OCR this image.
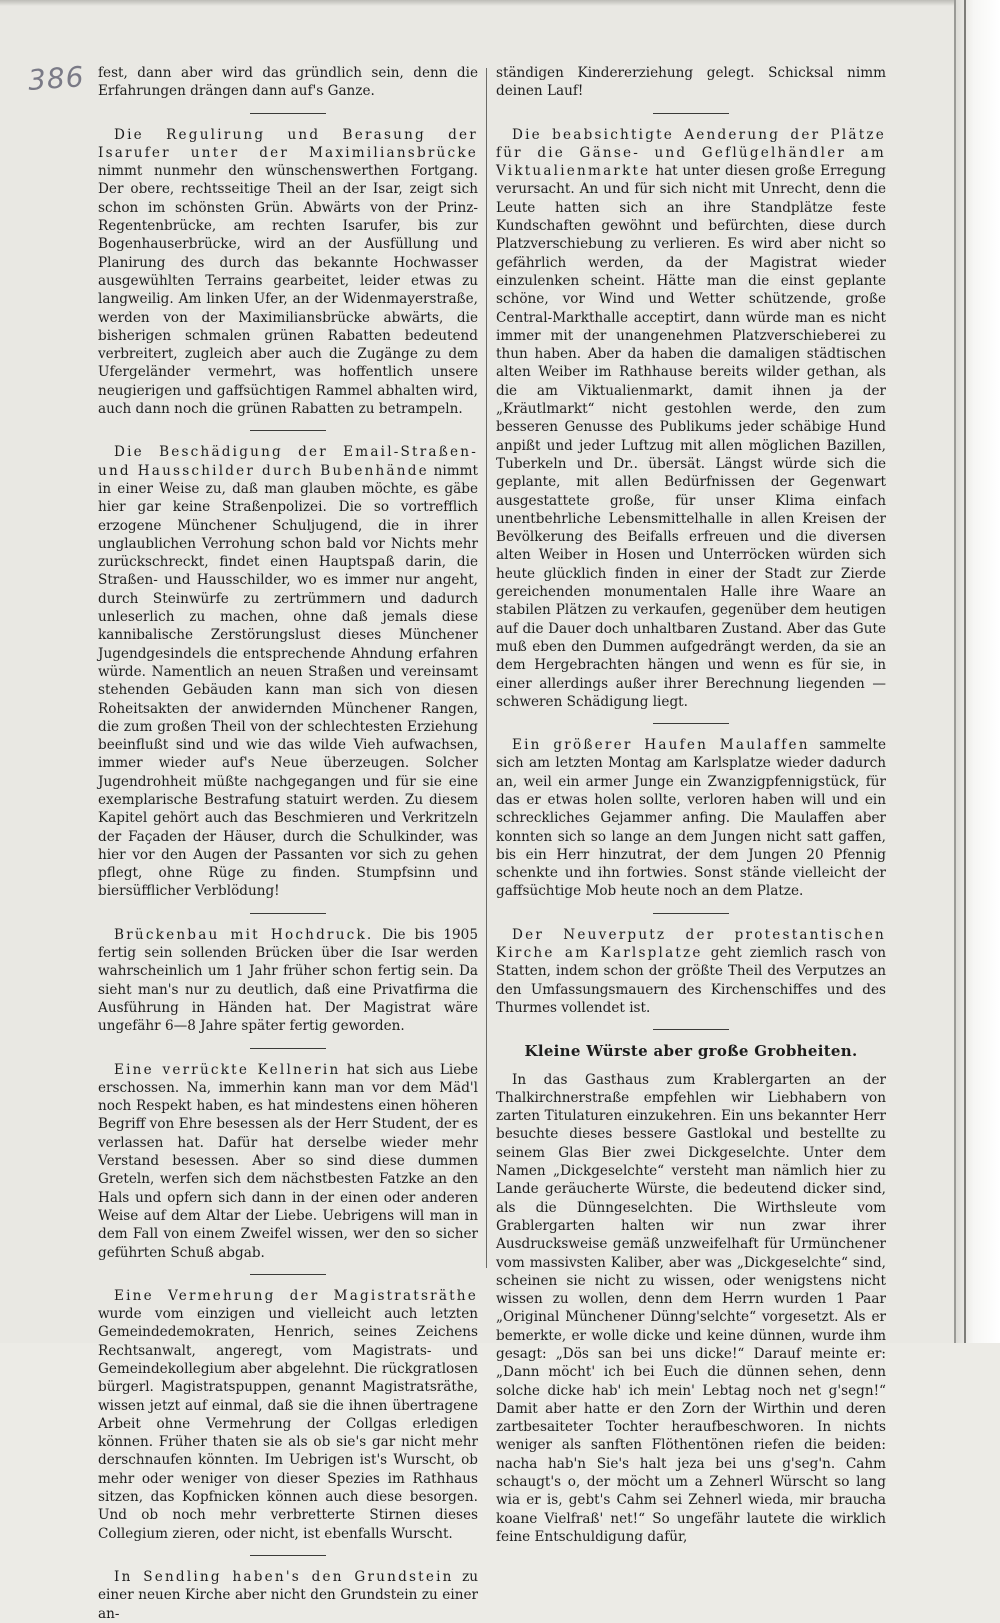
386 fest, dann aber wird das gründlich sein, denn die Erfahrungen drängen dann auf's Ganze.

Die Regulirung und Berasung der Isarufer unter der Maximiliansbrücke nimmt nunmehr den wünschenswerthen Fortgang. Der obere, rechtsseitige Theil an der Isar, zeigt sich schon im schönsten Grün. Abwärts von der Prinz-Regentenbrücke, am rechten Isarufer, bis zur Bogenhauserbrücke, wird an der Ausfüllung und Planirung des durch das bekannte Hochwasser ausgewühlten Terrains gearbeitet, leider etwas zu langweilig. Am linken Ufer, an der Widenmayerstraße, werden von der Maximiliansbrücke abwärts, die bisherigen schmalen grünen Rabatten bedeutend verbreitert, zugleich aber auch die Zugänge zu dem Ufergeländer vermehrt, was hoffentlich unsere neugierigen und gaffsüchtigen Rammel abhalten wird, auch dann noch die grünen Rabatten zu betrampeln.

Die Beschädigung der Email-Straßen- und Hausschilder durch Bubenhände nimmt in einer Weise zu, daß man glauben möchte, es gäbe hier gar keine Straßenpolizei. Die so vortrefflich erzogene Münchener Schuljugend, die in ihrer unglaublichen Verrohung schon bald vor Nichts mehr zurückschreckt, findet einen Hauptspaß darin, die Straßen- und Hausschilder, wo es immer nur angeht, durch Steinwürfe zu zertrümmern und dadurch unleserlich zu machen, ohne daß jemals diese kannibalische Zerstörungslust dieses Münchener Jugendgesindels die entsprechende Ahndung erfahren würde. Namentlich an neuen Straßen und vereinsamt stehenden Gebäuden kann man sich von diesen Roheitsakten der anwidernden Münchener Rangen, die zum großen Theil von der schlechtesten Erziehung beeinflußt sind und wie das wilde Vieh aufwachsen, immer wieder auf's Neue überzeugen. Solcher Jugendrohheit müßte nachgegangen und für sie eine exemplarische Bestrafung statuirt werden. Zu diesem Kapitel gehört auch das Beschmieren und Verkritzeln der Façaden der Häuser, durch die Schulkinder, was hier vor den Augen der Passanten vor sich zu gehen pflegt, ohne Rüge zu finden. Stumpfsinn und biersüfflicher Verblödung!

Brückenbau mit Hochdruck. Die bis 1905 fertig sein sollenden Brücken über die Isar werden wahrscheinlich um 1 Jahr früher schon fertig sein. Da sieht man's nur zu deutlich, daß eine Privatfirma die Ausführung in Händen hat. Der Magistrat wäre ungefähr 6—8 Jahre später fertig geworden.

Eine verrückte Kellnerin hat sich aus Liebe erschossen. Na, immerhin kann man vor dem Mäd'l noch Respekt haben, es hat mindestens einen höheren Begriff von Ehre besessen als der Herr Student, der es verlassen hat. Dafür hat derselbe wieder mehr Verstand besessen. Aber so sind diese dummen Greteln, werfen sich dem nächstbesten Fatzke an den Hals und opfern sich dann in der einen oder anderen Weise auf dem Altar der Liebe. Uebrigens will man in dem Fall von einem Zweifel wissen, wer den so sicher geführten Schuß abgab.

Eine Vermehrung der Magistratsräthe wurde vom einzigen und vielleicht auch letzten Gemeindedemokraten, Henrich, seines Zeichens Rechtsanwalt, angeregt, vom Magistrats- und Gemeindekollegium aber abgelehnt. Die rückgratlosen bürgerl. Magistratspuppen, genannt Magistratsräthe, wissen jetzt auf einmal, daß sie die ihnen übertragene Arbeit ohne Vermehrung der Collgas erledigen können. Früher thaten sie als ob sie's gar nicht mehr derschnaufen könnten. Im Uebrigen ist's Wurscht, ob mehr oder weniger von dieser Spezies im Rathhaus sitzen, das Kopfnicken können auch diese besorgen. Und ob noch mehr verbretterte Stirnen dieses Collegium zieren, oder nicht, ist ebenfalls Wurscht.

In Sendling haben's den Grundstein zu einer neuen Kirche aber nicht den Grundstein zu einer an-

ständigen Kindererziehung gelegt. Schicksal nimm deinen Lauf!

Die beabsichtigte Aenderung der Plätze für die Gänse- und Geflügelhändler am Viktualienmarkte hat unter diesen große Erregung verursacht. An und für sich nicht mit Unrecht, denn die Leute hatten sich an ihre Standplätze feste Kundschaften gewöhnt und befürchten, diese durch Platzverschiebung zu verlieren. Es wird aber nicht so gefährlich werden, da der Magistrat wieder einzulenken scheint. Hätte man die einst geplante schöne, vor Wind und Wetter schützende, große Central-Markthalle acceptirt, dann würde man es nicht immer mit der unangenehmen Platzverschieberei zu thun haben. Aber da haben die damaligen städtischen alten Weiber im Rathhause bereits wilder gethan, als die am Viktualienmarkt, damit ihnen ja der „Kräutlmarkt“ nicht gestohlen werde, den zum besseren Genusse des Publikums jeder schäbige Hund anpißt und jeder Luftzug mit allen möglichen Bazillen, Tuberkeln und Dr.. übersät. Längst würde sich die geplante, mit allen Bedürfnissen der Gegenwart ausgestattete große, für unser Klima einfach unentbehrliche Lebensmittelhalle in allen Kreisen der Bevölkerung des Beifalls erfreuen und die diversen alten Weiber in Hosen und Unterröcken würden sich heute glücklich finden in einer der Stadt zur Zierde gereichenden monumentalen Halle ihre Waare an stabilen Plätzen zu verkaufen, gegenüber dem heutigen auf die Dauer doch unhaltbaren Zustand. Aber das Gute muß eben den Dummen aufgedrängt werden, da sie an dem Hergebrachten hängen und wenn es für sie, in einer allerdings außer ihrer Berechnung liegenden — schweren Schädigung liegt.

Ein größerer Haufen Maulaffen sammelte sich am letzten Montag am Karlsplatze wieder dadurch an, weil ein armer Junge ein Zwanzigpfennigstück, für das er etwas holen sollte, verloren haben will und ein schreckliches Gejammer anfing. Die Maulaffen aber konnten sich so lange an dem Jungen nicht satt gaffen, bis ein Herr hinzutrat, der dem Jungen 20 Pfennig schenkte und ihn fortwies. Sonst stände vielleicht der gaffsüchtige Mob heute noch an dem Platze.

Der Neuverputz der protestantischen Kirche am Karlsplatze geht ziemlich rasch von Statten, indem schon der größte Theil des Verputzes an den Umfassungsmauern des Kirchenschiffes und des Thurmes vollendet ist.

Kleine Würste aber große Grobheiten.

In das Gasthaus zum Krablergarten an der Thalkirchnerstraße empfehlen wir Liebhabern von zarten Titulaturen einzukehren. Ein uns bekannter Herr besuchte dieses bessere Gastlokal und bestellte zu seinem Glas Bier zwei Dickgeselchte. Unter dem Namen „Dickgeselchte“ versteht man nämlich hier zu Lande geräucherte Würste, die bedeutend dicker sind, als die Dünngeselchten. Die Wirthsleute vom Grablergarten halten wir nun zwar ihrer Ausdrucksweise gemäß unzweifelhaft für Urmünchener vom massivsten Kaliber, aber was „Dickgeselchte“ sind, scheinen sie nicht zu wissen, oder wenigstens nicht wissen zu wollen, denn dem Herrn wurden 1 Paar „Original Münchener Dünng'selchte“ vorgesetzt. Als er bemerkte, er wolle dicke und keine dünnen, wurde ihm gesagt: „Dös san bei uns dicke!“ Darauf meinte er: „Dann möcht' ich bei Euch die dünnen sehen, denn solche dicke hab' ich mein' Lebtag noch net g'segn!“ Damit aber hatte er den Zorn der Wirthin und deren zartbesaiteter Tochter heraufbeschworen. In nichts weniger als sanften Flöthentönen riefen die beiden: nacha hab'n Sie's halt jeza bei uns g'seg'n. Cahm schaugt's o, der möcht um a Zehnerl Würscht so lang wia er is, gebt's Cahm sei Zehnerl wieda, mir braucha koane Vielfraß' net!“ So ungefähr lautete die wirklich feine Entschuldigung dafür,
